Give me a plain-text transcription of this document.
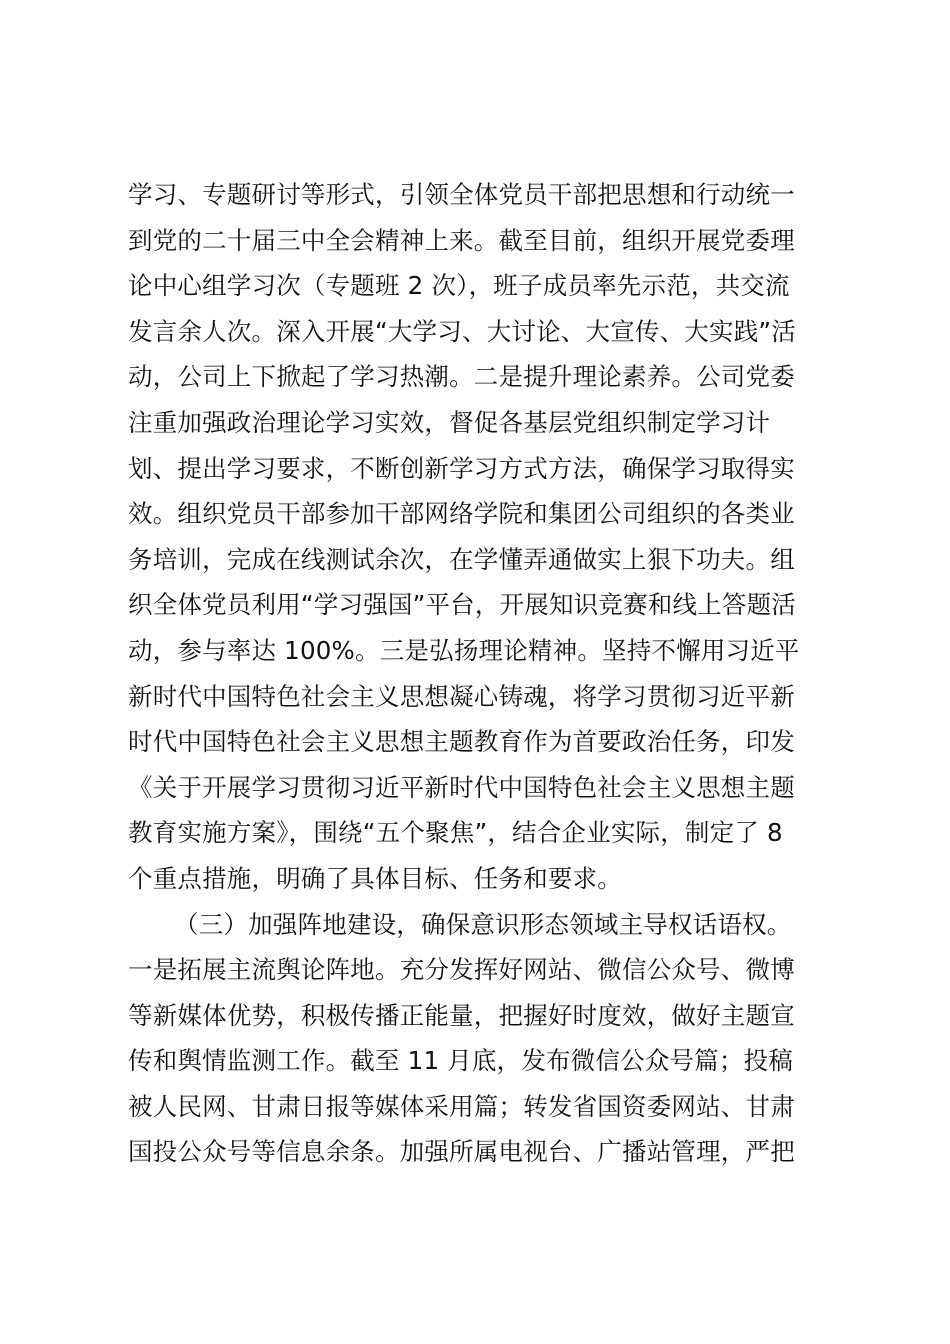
学习、专题研讨等形式，引领全体党员干部把思想和行动统一
到党的二十届三中全会精神上来。截至目前，组织开展党委理
论中心组学习次（专题班 2 次），班子成员率先示范，共交流
发言余人次。深入开展“大学习、大讨论、大宣传、大实践”活
动，公司上下掀起了学习热潮。二是提升理论素养。公司党委
注重加强政治理论学习实效，督促各基层党组织制定学习计
划、提出学习要求，不断创新学习方式方法，确保学习取得实
效。组织党员干部参加干部网络学院和集团公司组织的各类业
务培训，完成在线测试余次，在学懂弄通做实上狠下功夫。组
织全体党员利用“学习强国”平台，开展知识竞赛和线上答题活
动，参与率达 100%。三是弘扬理论精神。坚持不懈用习近平
新时代中国特色社会主义思想凝心铸魂，将学习贯彻习近平新
时代中国特色社会主义思想主题教育作为首要政治任务，印发
《关于开展学习贯彻习近平新时代中国特色社会主义思想主题
教育实施方案》，围绕“五个聚焦”，结合企业实际，制定了 8
个重点措施，明确了具体目标、任务和要求。
（三）加强阵地建设，确保意识形态领域主导权话语权。
一是拓展主流舆论阵地。充分发挥好网站、微信公众号、微博
等新媒体优势，积极传播正能量，把握好时度效，做好主题宣
传和舆情监测工作。截至 11 月底，发布微信公众号篇；投稿
被人民网、甘肃日报等媒体采用篇；转发省国资委网站、甘肃
国投公众号等信息余条。加强所属电视台、广播站管理，严把
